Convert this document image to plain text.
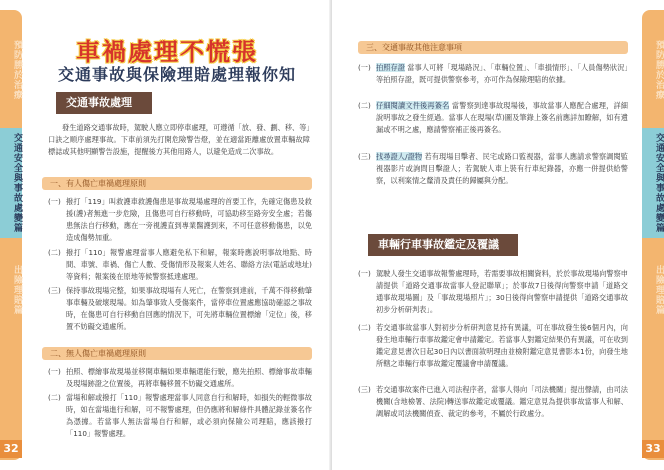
預防勝於治療
交通安全與事故處變篇
出險理賠篇
32
車禍處理不慌張
交通事故與保險理賠處理報你知
交通事故處理
發生道路交通事故時，駕駛人應立即停車處理，可遵循「放、發、劃、移、等」口訣之順序處理事故。下車前須先打開危險警告燈，並在適當距離處放置車輛故障標誌或其他明顯警告設施，提醒後方其他用路人，以避免造成二次事故。
一、有人傷亡車禍處理原則
(一) 撥打「119」叫救護車救護傷患是事故現場處理的首要工作，先確定傷患及救援(護)者無進一步危險，且傷患可自行移動時，可協助移至路旁安全處；若傷患無法自行移動，應在一旁視護直到專業醫護到來，不可任意移動傷患，以免造成傷勢加重。
(二) 撥打「110」報警處理當事人應避免私下和解，報案時應說明事故地點、時間、車號、車禍、傷亡人數、受傷情形及報案人姓名、聯絡方法(電話或地址)等資料；報案後在原地等候警察抵達處理。
(三) 保持事故現場完整，如果事故現場有人死亡，在警察到達前，千萬不得移動肇事車輛及破壞現場。如為肇事致人受傷案件，當停車位置處應協助確認之事故時，在傷患可自行移動自回應的情況下，可先將車輛位置標繪「定位」後，移置不妨礙交通處所。
二、無人傷亡車禍處理原則
(一) 拍照、標繪事故現場並移開車輛如果車輛還能行駛，應先拍照、標繪事故車輛及現場跡證之位置後，再將車輛移置不妨礙交通處所。
(二) 當場和解或撥打「110」報警處理當事人同意自行和解時，如損失的輕微事故時，如在當場進行和解，可不報警處理，但仍應將和解條件具體記錄並簽名作為憑據。若當事人無法當場自行和解，或必須向保險公司理賠，應該撥打「110」報警處理。
預防勝於治療
交通安全與事故處變篇
出險理賠篇
33
三、交通事故其他注意事項
(一) 拍照存證 當事人可將「現場路況」、「車輛位置」、「車損情形」、「人員傷勢狀況」等拍照存證，既可提供警察參考，亦可作為保險理賠的依據。
(二) 仔細閱讀文件後再簽名 當警察到達事故現場後，事故當事人應配合處理，詳細說明事故之發生經過。當事人在現場(草)圖及筆錄上簽名前應詳加瞭解，如有遺漏或不明之處，應請警察補正後再簽名。
(三) 找尋證人/證物 若有現場目擊者、民宅或路口監視器，當事人應請求警察調閱監視器影片或詢問目擊證人；若駕駛人車上裝有行車紀錄器，亦應一併提供給警察，以利案情之釐清及責任的歸屬與分配。
車輛行車事故鑑定及覆議
(一) 駕駛人發生交通事故報警處理時，若需要事故相關資料，於於事故現場向警察申請提供「道路交通事故當事人登記聯單」；於事故7日後得向警察申請「道路交通事故現場圖」及「事故現場照片」；30日後得向警察申請提供「道路交通事故初步分析研判表」。
(二) 若交通事故當事人對初步分析研判意見持有異議，可在事故發生後6個月內，向發生地車輛行車事故鑑定會申請鑑定。若當事人對鑑定結果仍有異議，可在收到鑑定意見書次日起30日內以書面敘明理由並檢附鑑定意見書影本1份，向發生地所轄之車輛行車事故鑑定覆議會申請覆議。
(三) 若交通事故案件已進入司法程序者，當事人得向「司法機關」提出聲請，由司法機關(含地檢署、法院)轉送事故鑑定或覆議。鑑定意見為提供事故當事人和解、調解或司法機關偵查、裁定的參考，不屬於行政處分。
